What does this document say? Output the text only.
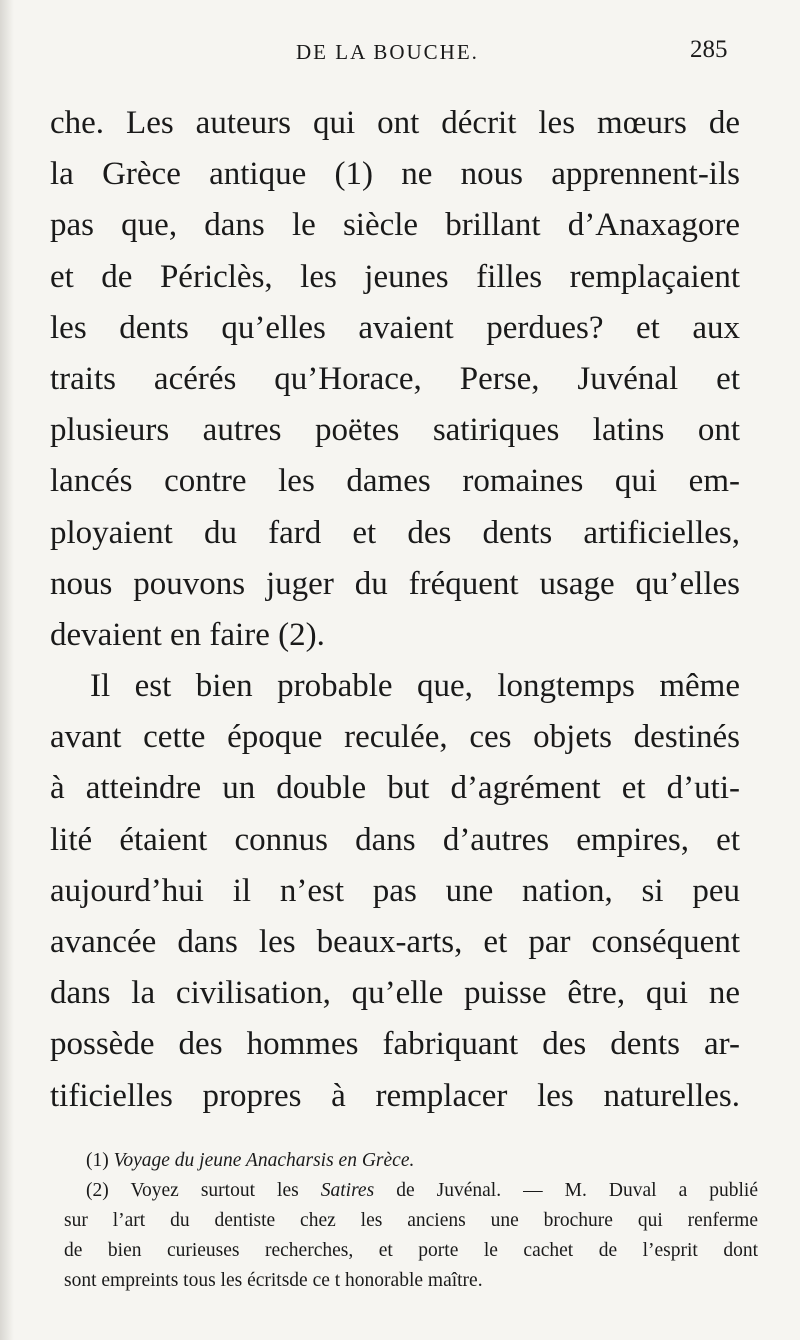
DE LA BOUCHE.	285
che. Les auteurs qui ont décrit les mœurs de
la Grèce antique (1) ne nous apprennent-ils
pas que, dans le siècle brillant d’Anaxagore
et de Périclès, les jeunes filles remplaçaient
les dents qu’elles avaient perdues? et aux
traits acérés qu’Horace, Perse, Juvénal et
plusieurs autres poëtes satiriques latins ont
lancés contre les dames romaines qui em-
ployaient du fard et des dents artificielles,
nous pouvons juger du fréquent usage qu’elles
devaient en faire (2).
Il est bien probable que, longtemps même
avant cette époque reculée, ces objets destinés
à atteindre un double but d’agrément et d’uti-
lité étaient connus dans d’autres empires, et
aujourd’hui il n’est pas une nation, si peu
avancée dans les beaux-arts, et par conséquent
dans la civilisation, qu’elle puisse être, qui ne
possède des hommes fabriquant des dents ar-
tificielles propres à remplacer les naturelles.
(1) Voyage du jeune Anacharsis en Grèce.
(2) Voyez surtout les Satires de Juvénal. — M. Duval a publié
sur l’art du dentiste chez les anciens une brochure qui renferme
de bien curieuses recherches, et porte le cachet de l’esprit dont
sont empreints tous les écritsde ce t honorable maître.
